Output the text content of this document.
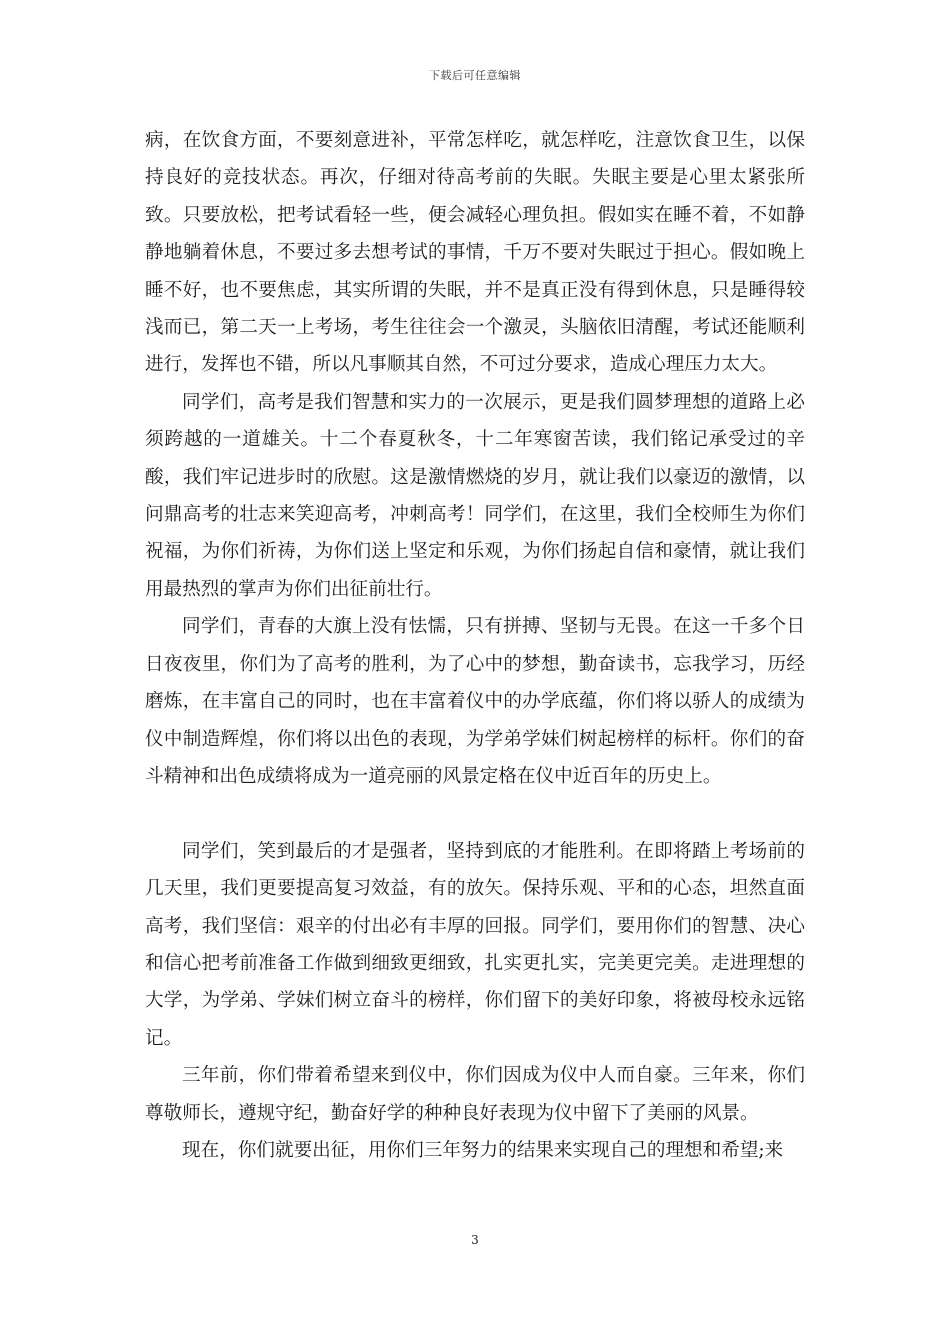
下载后可任意编辑

病，在饮食方面，不要刻意进补，平常怎样吃，就怎样吃，注意饮食卫生，以保持良好的竞技状态。再次，仔细对待高考前的失眠。失眠主要是心里太紧张所致。只要放松，把考试看轻一些，便会减轻心理负担。假如实在睡不着，不如静静地躺着休息，不要过多去想考试的事情，千万不要对失眠过于担心。假如晚上睡不好，也不要焦虑，其实所谓的失眠，并不是真正没有得到休息，只是睡得较浅而已，第二天一上考场，考生往往会一个激灵，头脑依旧清醒，考试还能顺利进行，发挥也不错，所以凡事顺其自然，不可过分要求，造成心理压力太大。

同学们，高考是我们智慧和实力的一次展示，更是我们圆梦理想的道路上必须跨越的一道雄关。十二个春夏秋冬，十二年寒窗苦读，我们铭记承受过的辛酸，我们牢记进步时的欣慰。这是激情燃烧的岁月，就让我们以豪迈的激情，以问鼎高考的壮志来笑迎高考，冲刺高考！同学们，在这里，我们全校师生为你们祝福，为你们祈祷，为你们送上坚定和乐观，为你们扬起自信和豪情，就让我们用最热烈的掌声为你们出征前壮行。

同学们，青春的大旗上没有怯懦，只有拼搏、坚韧与无畏。在这一千多个日日夜夜里，你们为了高考的胜利，为了心中的梦想，勤奋读书，忘我学习，历经磨炼，在丰富自己的同时，也在丰富着仪中的办学底蕴，你们将以骄人的成绩为仪中制造辉煌，你们将以出色的表现，为学弟学妹们树起榜样的标杆。你们的奋斗精神和出色成绩将成为一道亮丽的风景定格在仪中近百年的历史上。

同学们，笑到最后的才是强者，坚持到底的才能胜利。在即将踏上考场前的几天里，我们更要提高复习效益，有的放矢。保持乐观、平和的心态，坦然直面高考，我们坚信：艰辛的付出必有丰厚的回报。同学们，要用你们的智慧、决心和信心把考前准备工作做到细致更细致，扎实更扎实，完美更完美。走进理想的大学，为学弟、学妹们树立奋斗的榜样，你们留下的美好印象，将被母校永远铭记。

三年前，你们带着希望来到仪中，你们因成为仪中人而自豪。三年来，你们尊敬师长，遵规守纪，勤奋好学的种种良好表现为仪中留下了美丽的风景。

现在，你们就要出征，用你们三年努力的结果来实现自己的理想和希望;来

3
